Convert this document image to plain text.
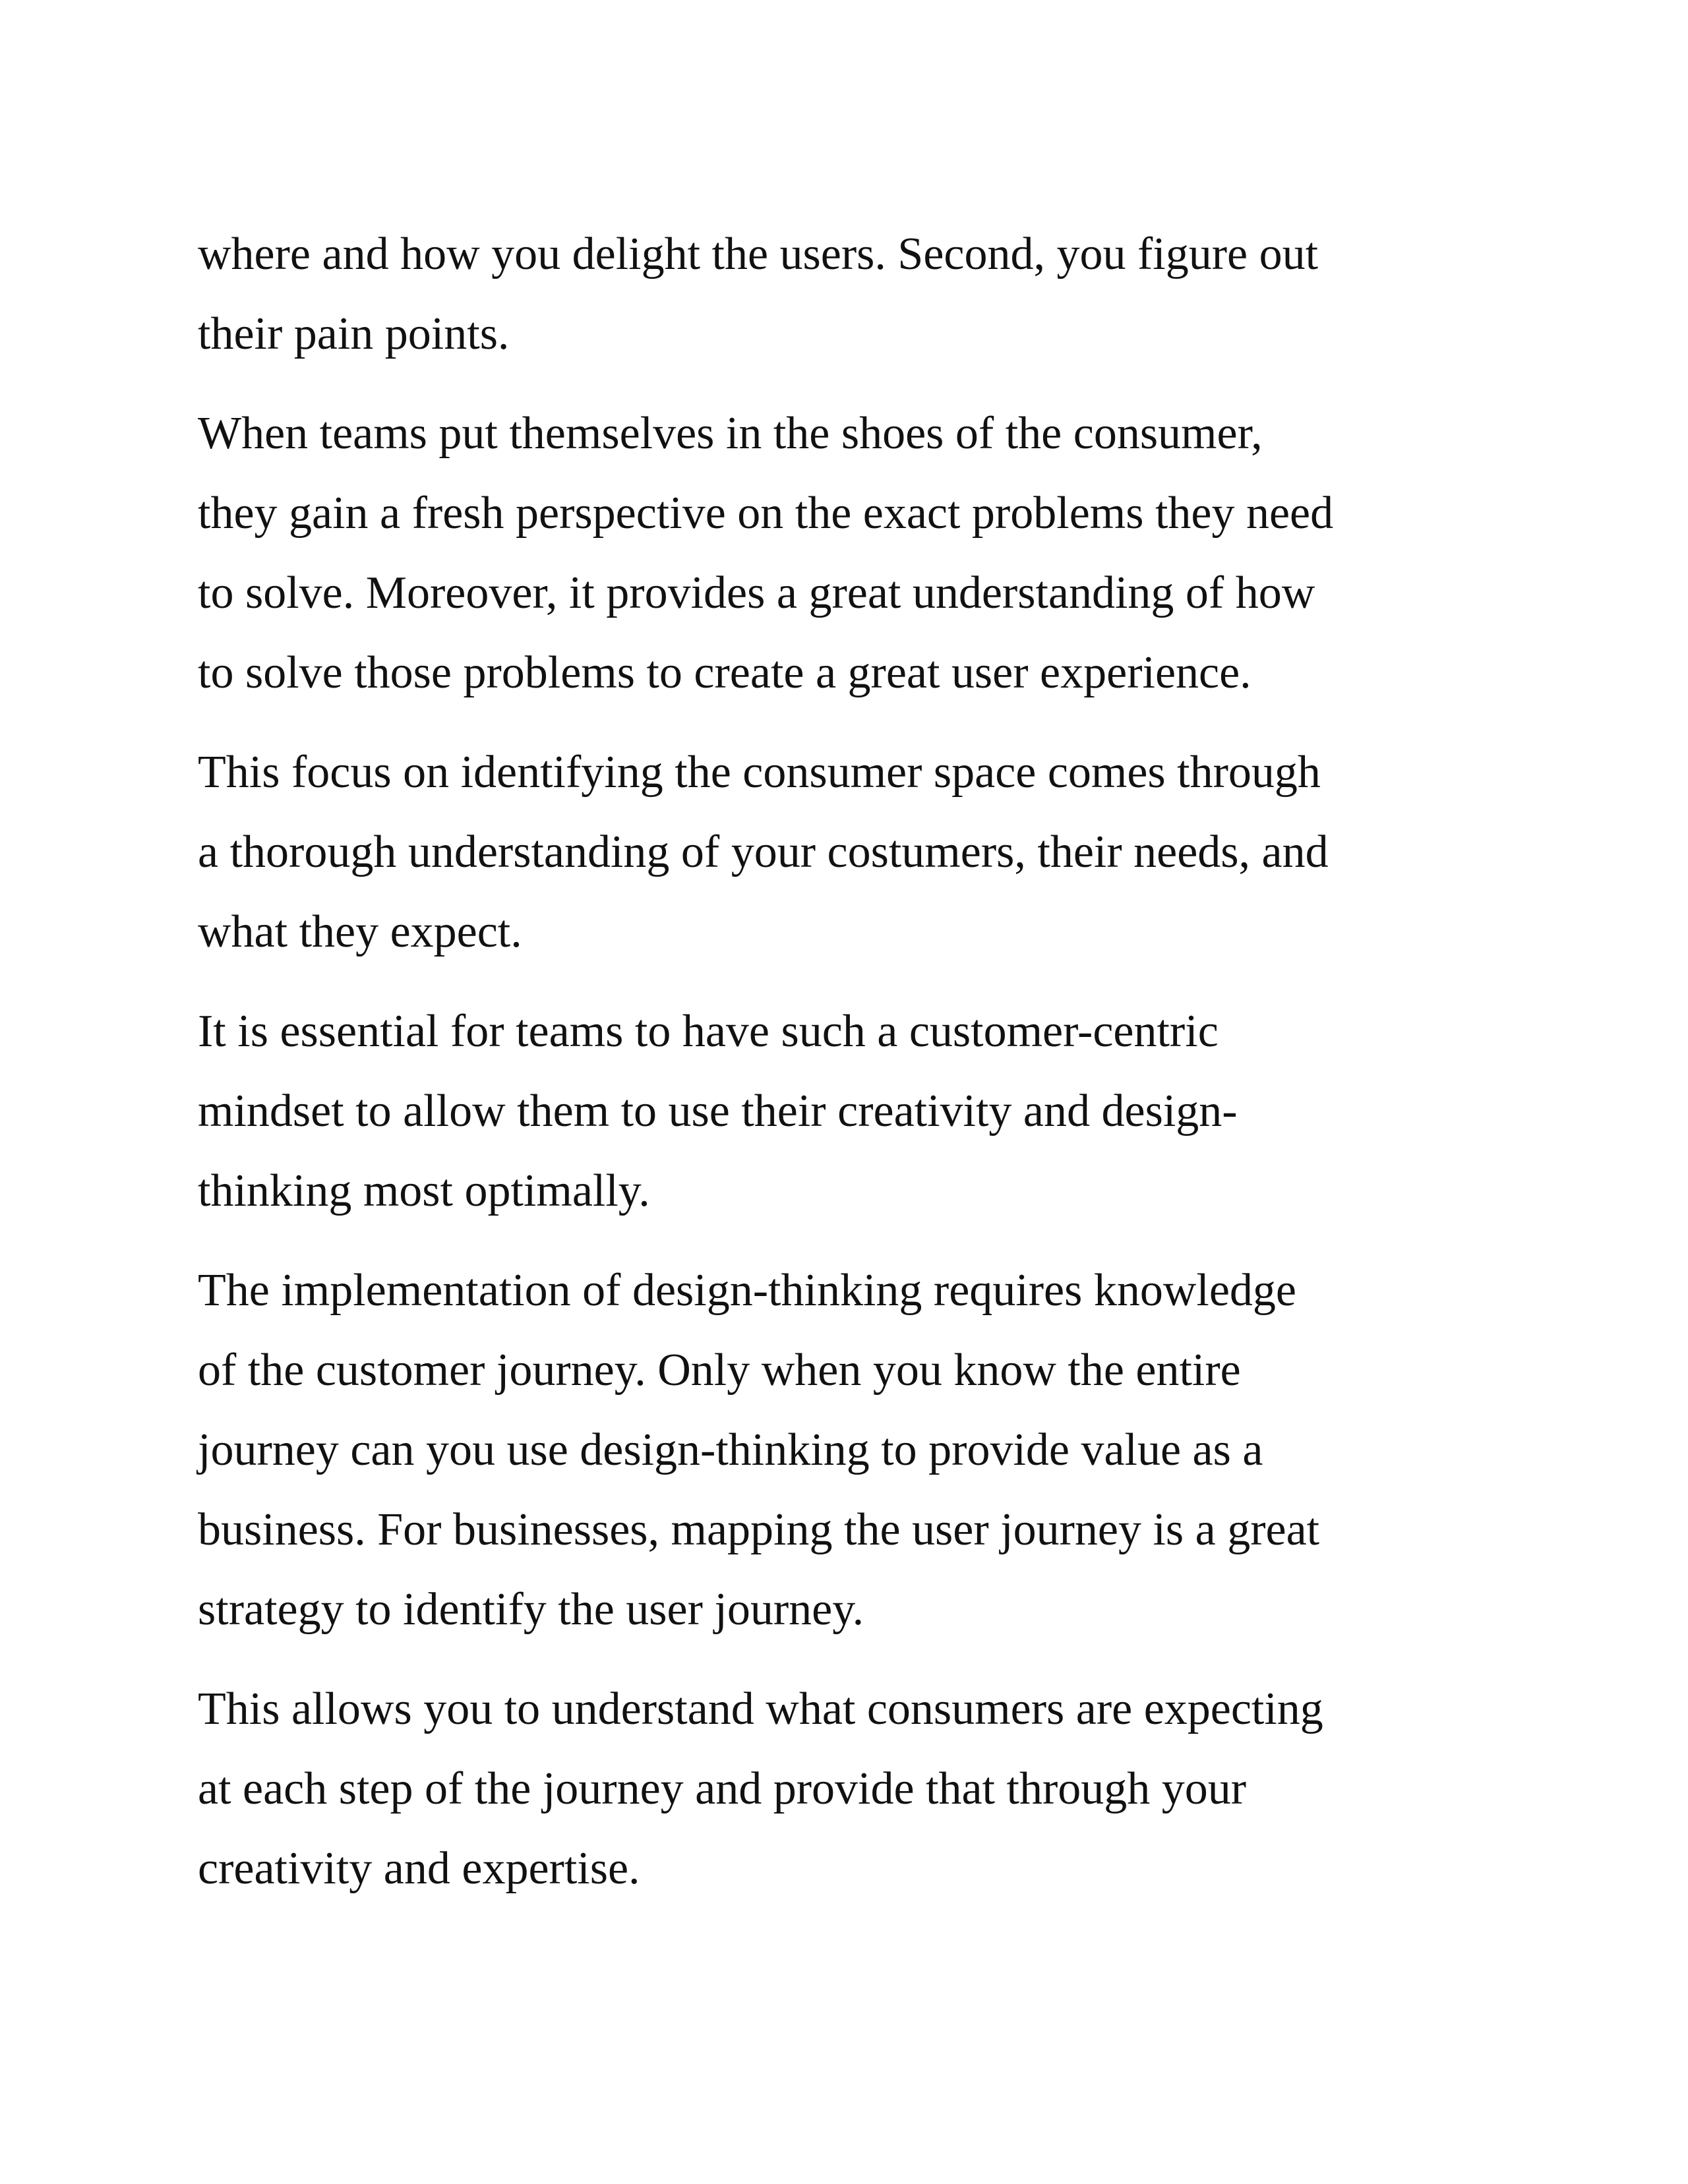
where and how you delight the users. Second, you figure out
their pain points.

When teams put themselves in the shoes of the consumer,
they gain a fresh perspective on the exact problems they need
to solve. Moreover, it provides a great understanding of how
to solve those problems to create a great user experience.

This focus on identifying the consumer space comes through
a thorough understanding of your costumers, their needs, and
what they expect.

It is essential for teams to have such a customer-centric
mindset to allow them to use their creativity and design-
thinking most optimally.

The implementation of design-thinking requires knowledge
of the customer journey. Only when you know the entire
journey can you use design-thinking to provide value as a
business. For businesses, mapping the user journey is a great
strategy to identify the user journey.

This allows you to understand what consumers are expecting
at each step of the journey and provide that through your
creativity and expertise.
